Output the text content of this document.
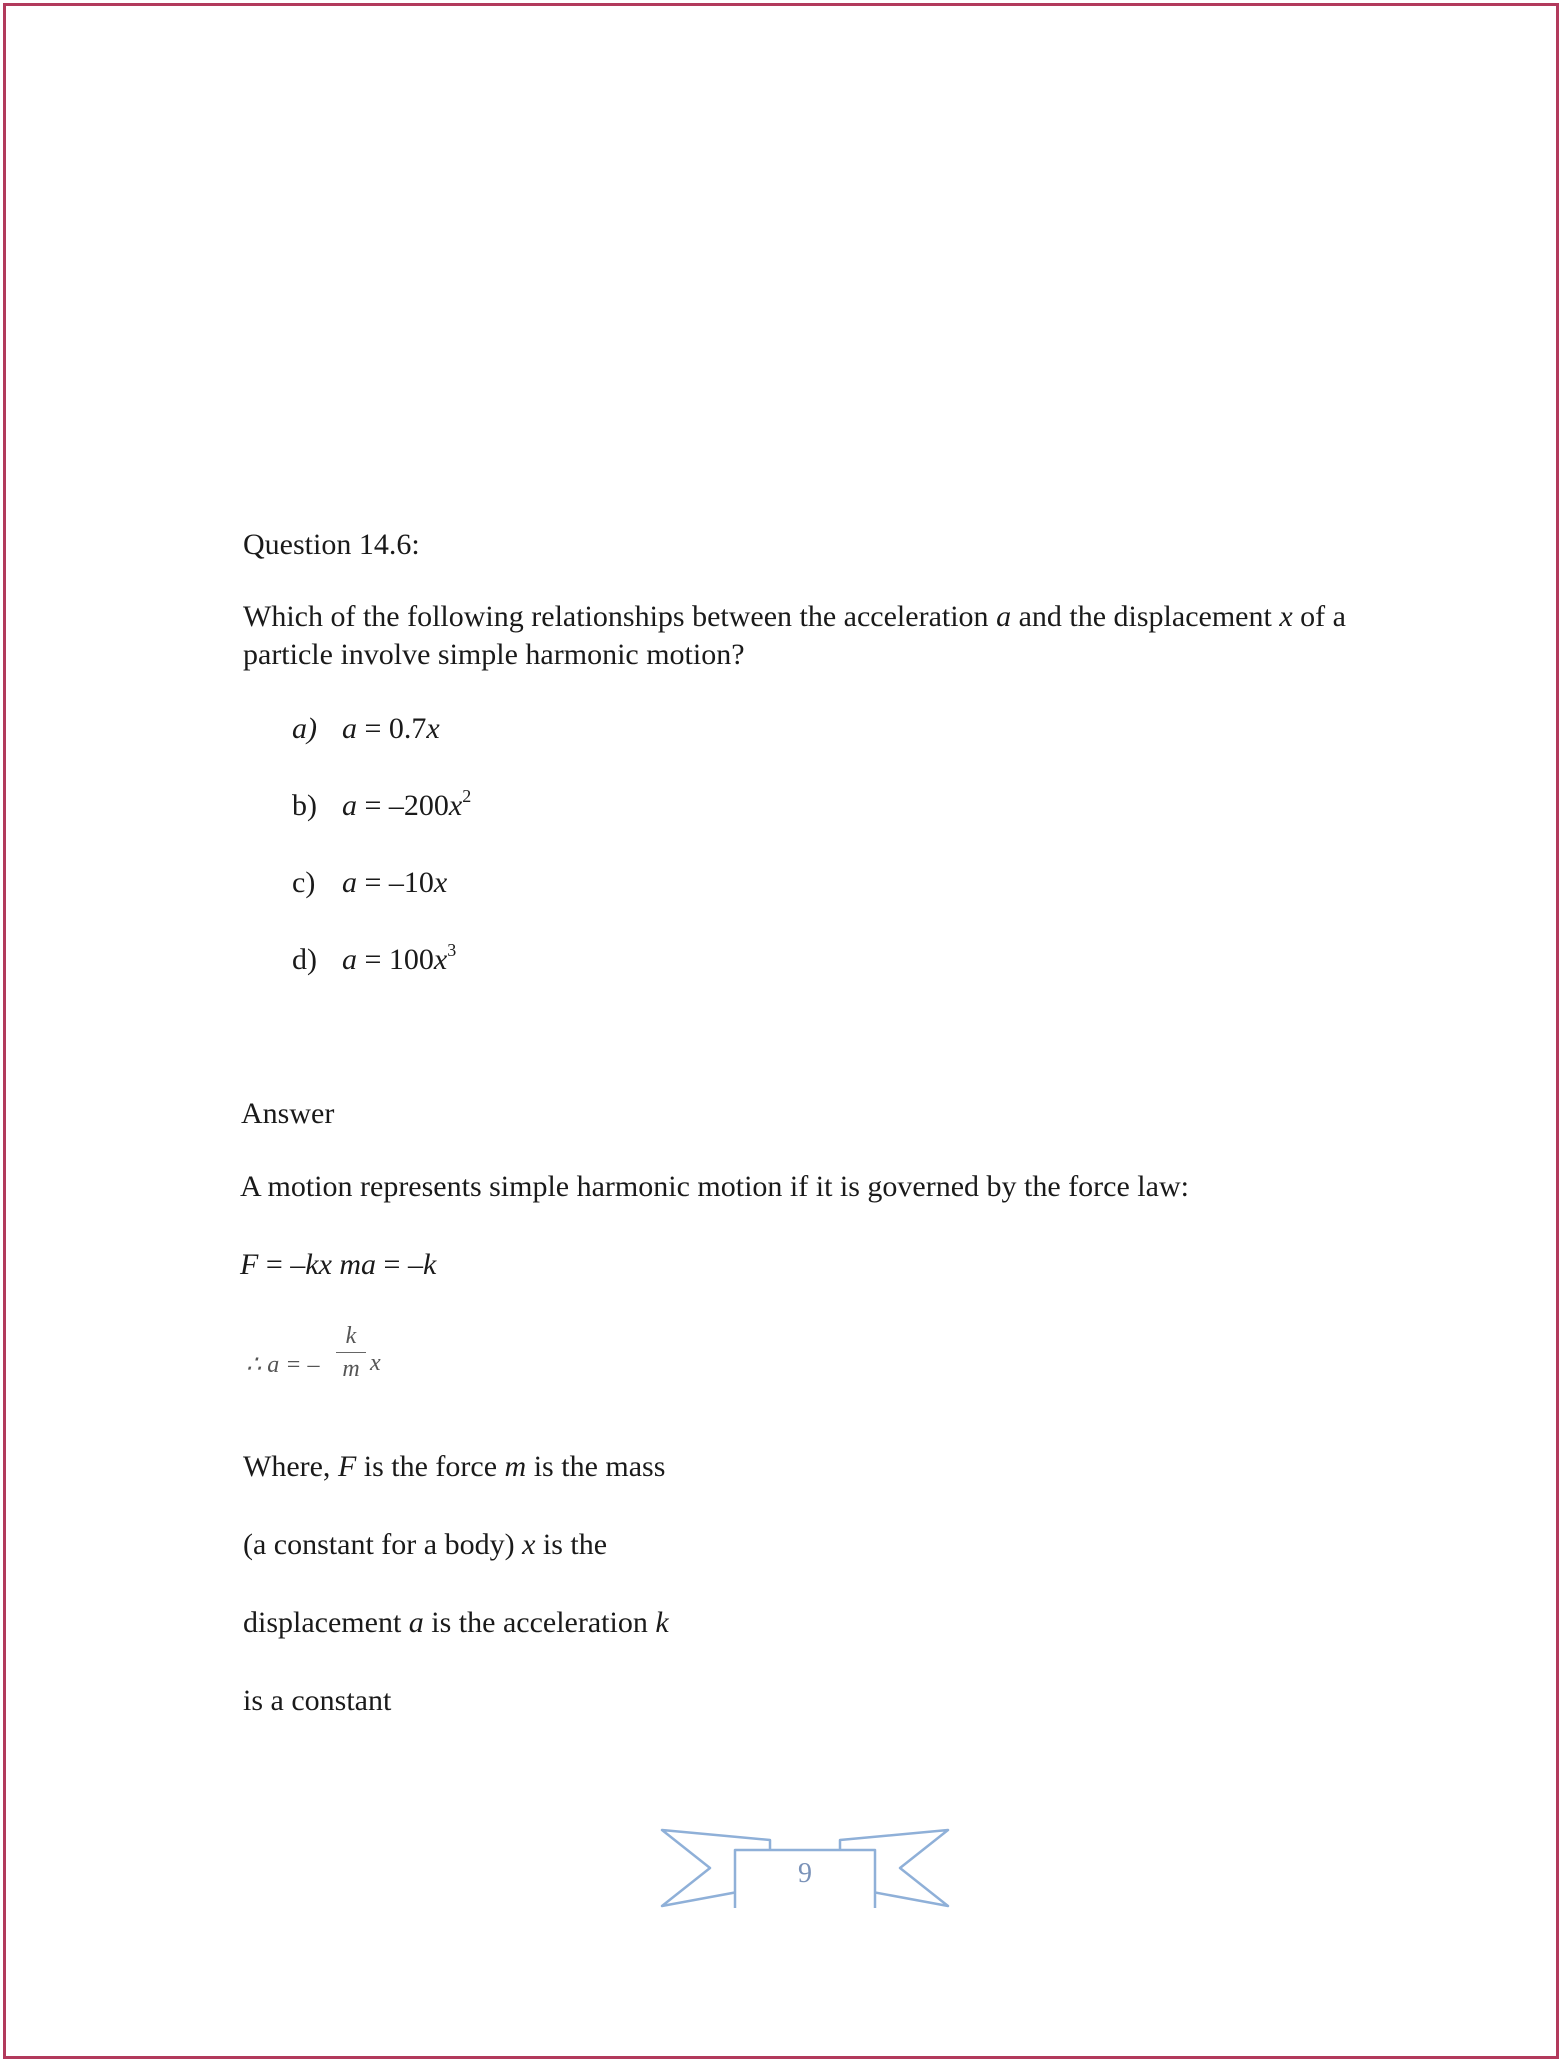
Question 14.6:
Which of the following relationships between the acceleration a and the displacement x of a particle involve simple harmonic motion?
a) a = 0.7x
b) $a = -200x^2$
c) a = –10x
d) $a = 100x^3$
Answer
A motion represents simple harmonic motion if it is governed by the force law:
F = –kx ma = –k
∴ a = –
k
m x
Where, F is the force m is the mass
(a constant for a body) x is the
displacement a is the acceleration k
is a constant
9
